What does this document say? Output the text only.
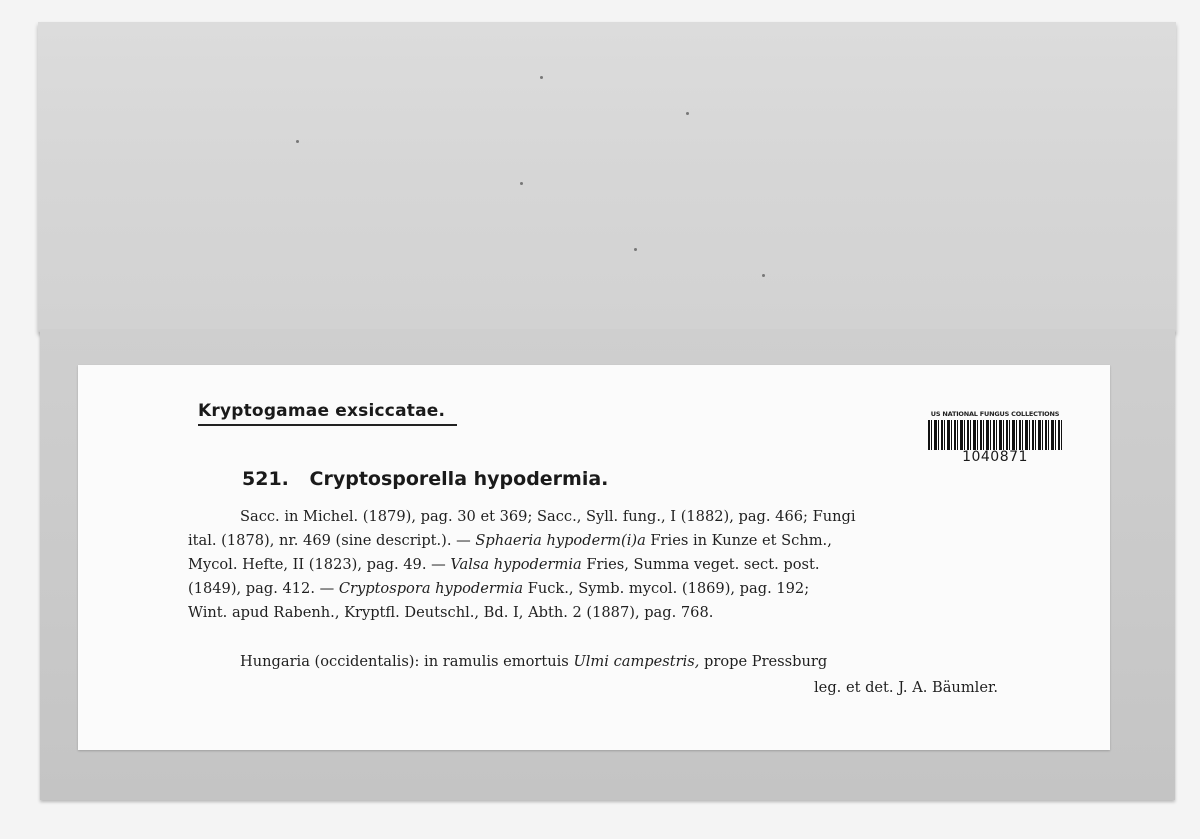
Kryptogamae exsiccatae.	US NATIONAL FUNGUS COLLECTIONS
1040871
521. Cryptosporella hypodermia.
Sacc. in Michel. (1879), pag. 30 et 369; Sacc., Syll. fung., I (1882), pag. 466; Fungi
ital. (1878), nr. 469 (sine descript.). — Sphaeria hypoderm(i)a Fries in Kunze et Schm.,
Mycol. Hefte, II (1823), pag. 49. — Valsa hypodermia Fries, Summa veget. sect. post.
(1849), pag. 412. — Cryptospora hypodermia Fuck., Symb. mycol. (1869), pag. 192;
Wint. apud Rabenh., Kryptfl. Deutschl., Bd. I, Abth. 2 (1887), pag. 768.
Hungaria (occidentalis): in ramulis emortuis Ulmi campestris, prope Pressburg
leg. et det. J. A. Bäumler.
